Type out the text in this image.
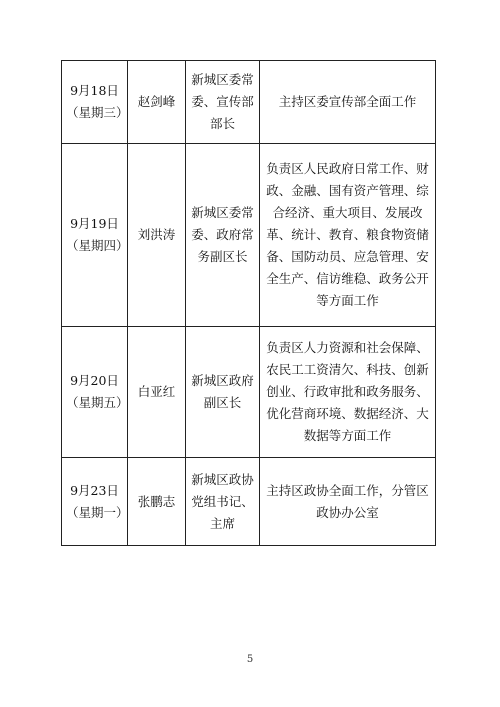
9月18日
（星期三）	赵剑峰	新城区委常委、宣传部部长	主持区委宣传部全面工作

9月19日
（星期四）	刘洪涛	新城区委常委、政府常务副区长	负责区人民政府日常工作、财政、金融、国有资产管理、综合经济、重大项目、发展改革、统计、教育、粮食物资储备、国防动员、应急管理、安全生产、信访维稳、政务公开等方面工作

9月20日
（星期五）	白亚红	新城区政府副区长	负责区人力资源和社会保障、农民工工资清欠、科技、创新创业、行政审批和政务服务、优化营商环境、数据经济、大数据等方面工作

9月23日
（星期一）	张鹏志	新城区政协党组书记、主席	主持区政协全面工作，分管区政协办公室
5
